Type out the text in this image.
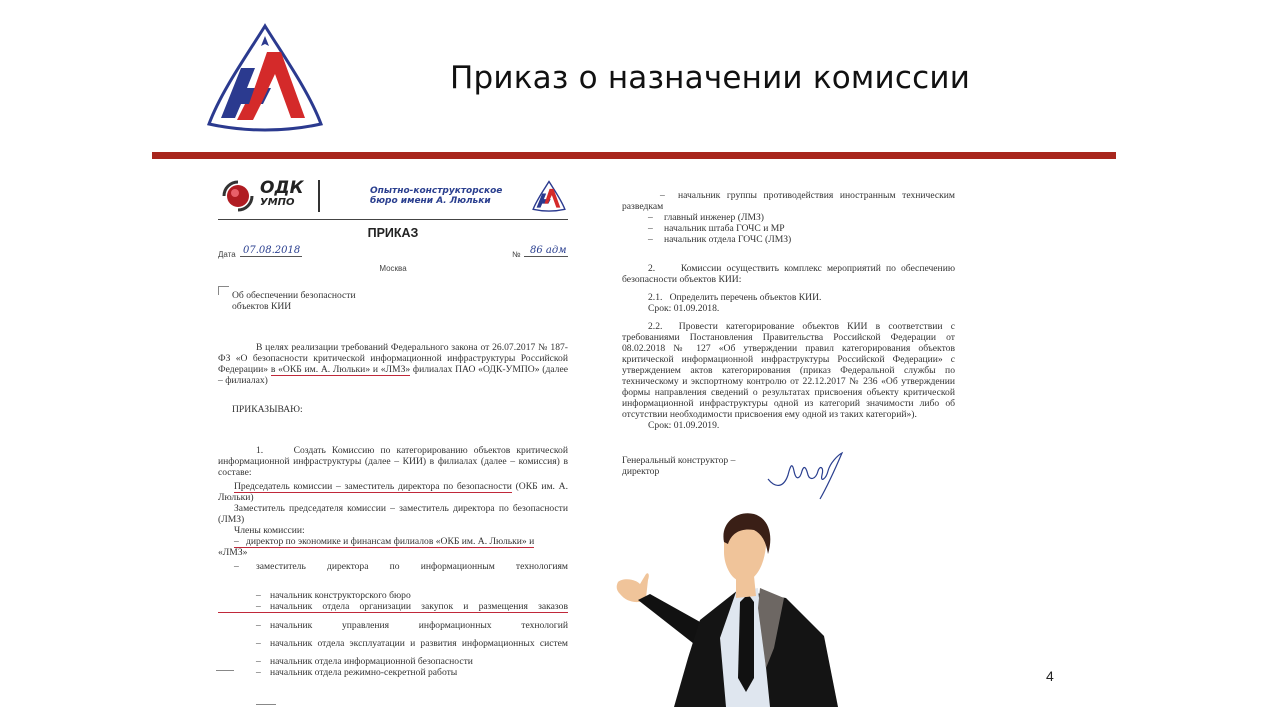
Приказ о назначении комиссии
ОДК
УМПО
Опытно-конструкторское
бюро имени А. Люльки
ПРИКАЗ
Дата 07.08.2018	№ 86 адм
Москва
Об обеспечении безопасности
объектов КИИ

В целях реализации требований Федерального закона от 26.07.2017 № 187-ФЗ «О безопасности критической информационной инфраструктуры Российской Федерации» в «ОКБ им. А. Люльки» и «ЛМЗ» филиалах ПАО «ОДК-УМПО» (далее – филиалах)

ПРИКАЗЫВАЮ:

1.     Создать Комиссию по категорированию объектов критической информационной инфраструктуры (далее – КИИ) в филиалах (далее – комиссия) в составе:

Председатель комиссии – заместитель директора по безопасности (ОКБ им. А. Люльки)

Заместитель председателя комиссии – заместитель директора по безопасности (ЛМЗ)

Члены комиссии:

–   директор по экономике и финансам филиалов «ОКБ им. А. Люльки» и
«ЛМЗ»

–	заместитель директора по информационным технологиям
– начальник конструкторского бюро
– начальник отдела организации закупок и размещения заказов
– начальник управления информационных технологий
– начальник отдела эксплуатации и развития информационных систем
– начальник отдела информационной безопасности
– начальник отдела режимно-секретной работы

–  начальник группы противодействия иностранным техническим разведкам

–	главный инженер (ЛМЗ)
–	начальник штаба ГОЧС и МР
–	начальник отдела ГОЧС (ЛМЗ)

2.     Комиссии осуществить комплекс мероприятий по обеспечению безопасности объектов КИИ:

2.1.   Определить перечень объектов КИИ.

Срок: 01.09.2018.

2.2.  Провести категорирование объектов КИИ в соответствии с требованиями Постановления Правительства Российской Федерации от 08.02.2018 № 127 «Об утверждении правил категорирования объектов критической информационной инфраструктуры Российской Федерации» с утверждением актов категорирования (приказ Федеральной службы по техническому и экспортному контролю от 22.12.2017 № 236 «Об утверждении формы направления сведений о результатах присвоения объекту критической информационной инфраструктуры одной из категорий значимости либо об отсутствии необходимости присвоения ему одной из таких категорий»).

Срок: 01.09.2019.

Генеральный конструктор –
директор
4
